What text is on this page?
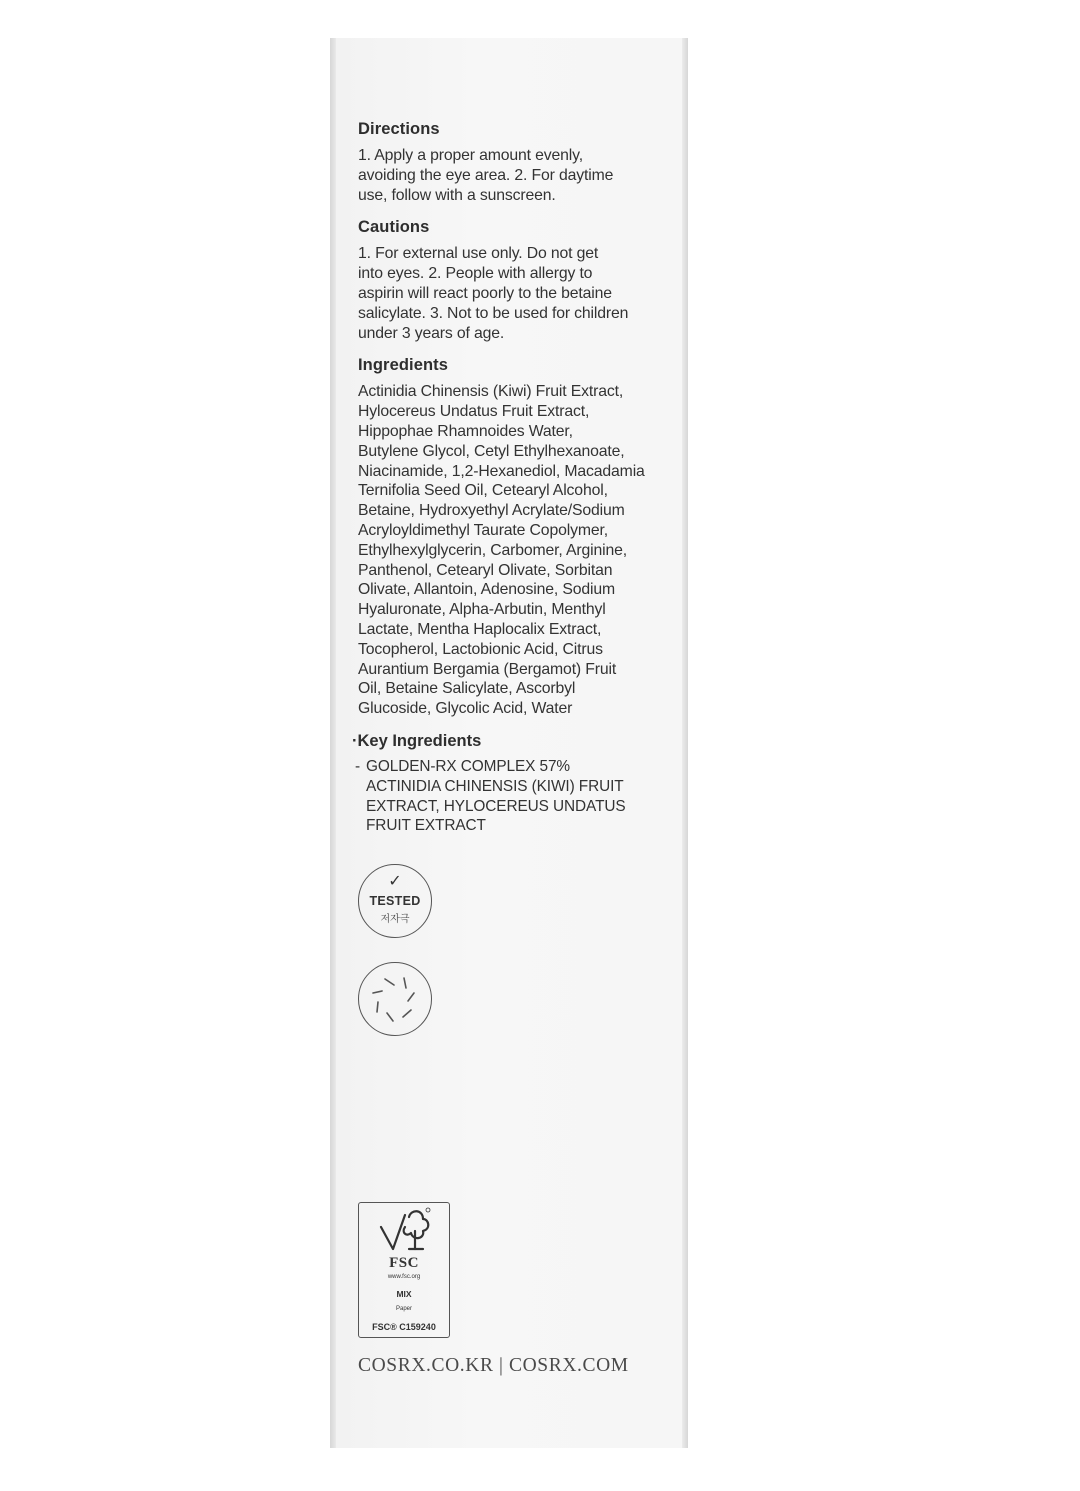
Directions
1. Apply a proper amount evenly,
avoiding the eye area. 2. For daytime
use, follow with a sunscreen.
Cautions
1. For external use only. Do not get
into eyes. 2. People with allergy to
aspirin will react poorly to the betaine
salicylate. 3. Not to be used for children
under 3 years of age.
Ingredients
Actinidia Chinensis (Kiwi) Fruit Extract,
Hylocereus Undatus Fruit Extract,
Hippophae Rhamnoides Water,
Butylene Glycol, Cetyl Ethylhexanoate,
Niacinamide, 1,2-Hexanediol, Macadamia
Ternifolia Seed Oil, Cetearyl Alcohol,
Betaine, Hydroxyethyl Acrylate/Sodium
Acryloyldimethyl Taurate Copolymer,
Ethylhexylglycerin, Carbomer, Arginine,
Panthenol, Cetearyl Olivate, Sorbitan
Olivate, Allantoin, Adenosine, Sodium
Hyaluronate, Alpha-Arbutin, Menthyl
Lactate, Mentha Haplocalix Extract,
Tocopherol, Lactobionic Acid, Citrus
Aurantium Bergamia (Bergamot) Fruit
Oil, Betaine Salicylate, Ascorbyl
Glucoside, Glycolic Acid, Water
·Key Ingredients
- GOLDEN-RX COMPLEX 57%
ACTINIDIA CHINENSIS (KIWI) FRUIT
EXTRACT, HYLOCEREUS UNDATUS
FRUIT EXTRACT
✓
TESTED
저자극
FSC
www.fsc.org
MIX
Paper
FSC® C159240
COSRX.CO.KR | COSRX.COM
